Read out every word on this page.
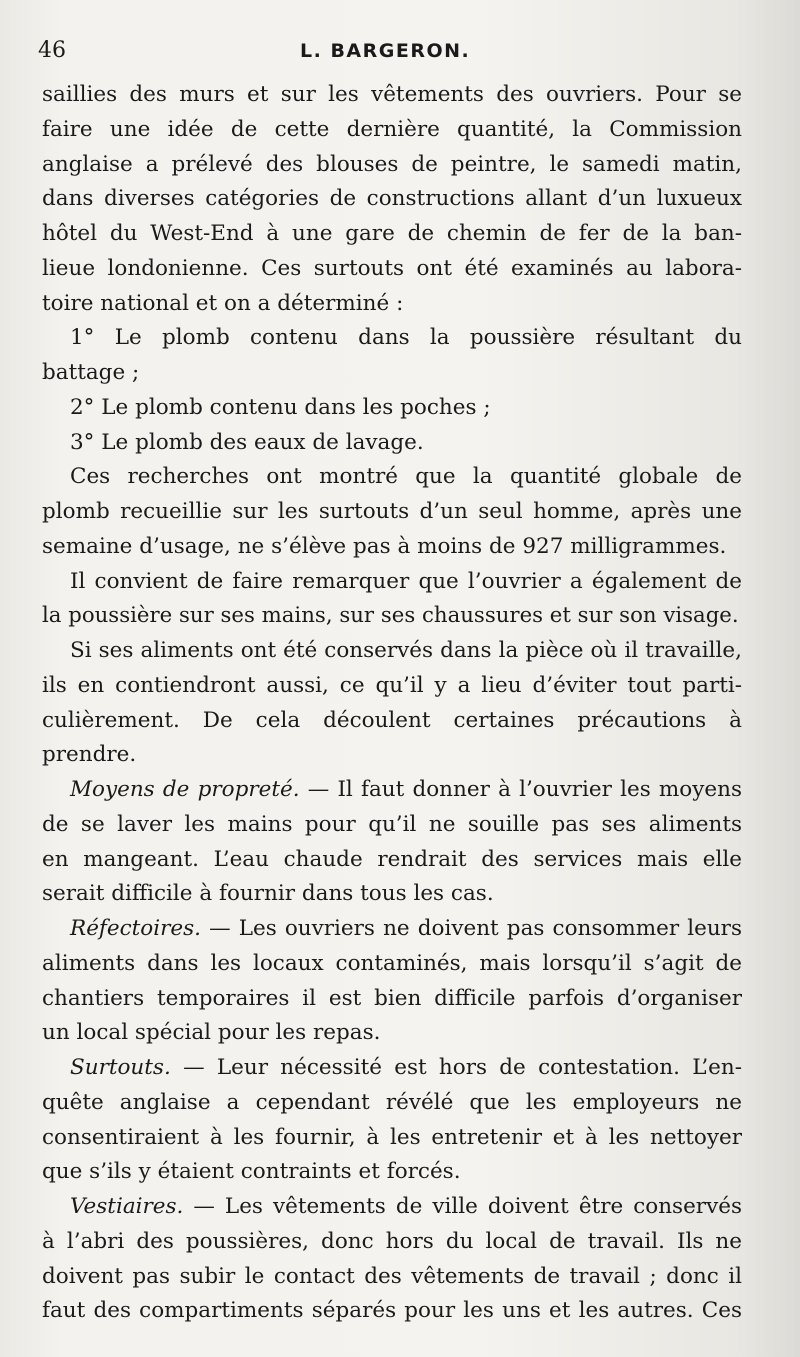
46	L. BARGERON.
saillies des murs et sur les vêtements des ouvriers. Pour se
faire une idée de cette dernière quantité, la Commission
anglaise a prélevé des blouses de peintre, le samedi matin,
dans diverses catégories de constructions allant d’un luxueux
hôtel du West-End à une gare de chemin de fer de la ban-
lieue londonienne. Ces surtouts ont été examinés au labora-
toire national et on a déterminé :
1° Le plomb contenu dans la poussière résultant du
battage ;
2° Le plomb contenu dans les poches ;
3° Le plomb des eaux de lavage.
Ces recherches ont montré que la quantité globale de
plomb recueillie sur les surtouts d’un seul homme, après une
semaine d’usage, ne s’élève pas à moins de 927 milligrammes.
Il convient de faire remarquer que l’ouvrier a également de
la poussière sur ses mains, sur ses chaussures et sur son visage.
Si ses aliments ont été conservés dans la pièce où il travaille,
ils en contiendront aussi, ce qu’il y a lieu d’éviter tout parti-
culièrement. De cela découlent certaines précautions à
prendre.
Moyens de propreté. — Il faut donner à l’ouvrier les moyens
de se laver les mains pour qu’il ne souille pas ses aliments
en mangeant. L’eau chaude rendrait des services mais elle
serait difficile à fournir dans tous les cas.
Réfectoires. — Les ouvriers ne doivent pas consommer leurs
aliments dans les locaux contaminés, mais lorsqu’il s’agit de
chantiers temporaires il est bien difficile parfois d’organiser
un local spécial pour les repas.
Surtouts. — Leur nécessité est hors de contestation. L’en-
quête anglaise a cependant révélé que les employeurs ne
consentiraient à les fournir, à les entretenir et à les nettoyer
que s’ils y étaient contraints et forcés.
Vestiaires. — Les vêtements de ville doivent être conservés
à l’abri des poussières, donc hors du local de travail. Ils ne
doivent pas subir le contact des vêtements de travail ; donc il
faut des compartiments séparés pour les uns et les autres. Ces
